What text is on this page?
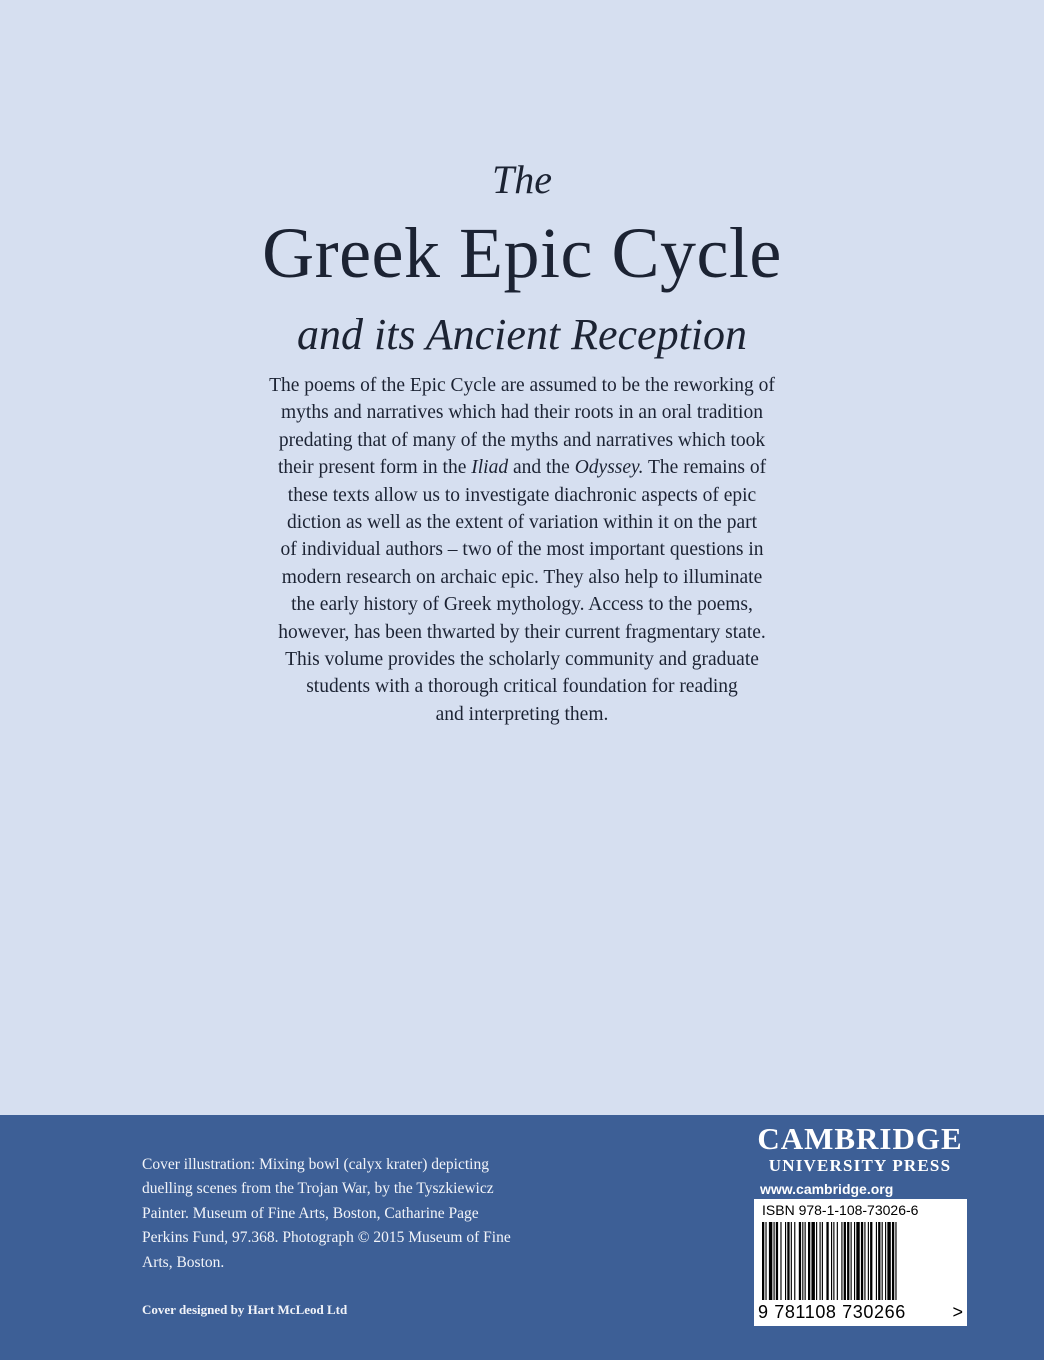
The
Greek Epic Cycle
and its Ancient Reception
The poems of the Epic Cycle are assumed to be the reworking of
myths and narratives which had their roots in an oral tradition
predating that of many of the myths and narratives which took
their present form in the Iliad and the Odyssey. The remains of
these texts allow us to investigate diachronic aspects of epic
diction as well as the extent of variation within it on the part
of individual authors – two of the most important questions in
modern research on archaic epic. They also help to illuminate
the early history of Greek mythology. Access to the poems,
however, has been thwarted by their current fragmentary state.
This volume provides the scholarly community and graduate
students with a thorough critical foundation for reading
and interpreting them.
Cover illustration: Mixing bowl (calyx krater) depicting
duelling scenes from the Trojan War, by the Tyszkiewicz
Painter. Museum of Fine Arts, Boston, Catharine Page
Perkins Fund, 97.368. Photograph © 2015 Museum of Fine
Arts, Boston.
Cover designed by Hart McLeod Ltd
CAMBRIDGE
UNIVERSITY PRESS
www.cambridge.org
ISBN 978-1-108-73026-6
9 781108 730266	>
